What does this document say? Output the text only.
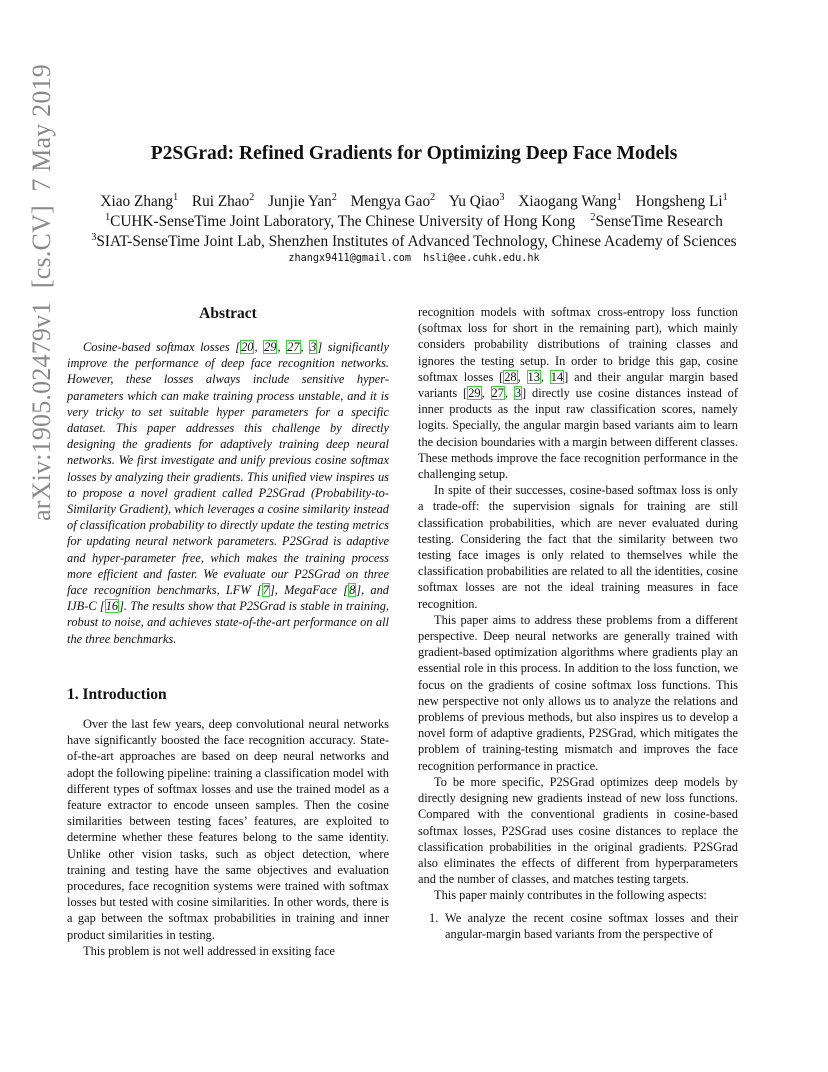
P2SGrad: Refined Gradients for Optimizing Deep Face Models
Xiao Zhang$^1$ Rui Zhao$^2$ Junjie Yan$^2$ Mengya Gao$^2$ Yu Qiao$^3$ Xiaogang Wang$^1$ Hongsheng Li$^1$
$^1$CUHK-SenseTime Joint Laboratory, The Chinese University of Hong Kong $^2$SenseTime Research
$^3$SIAT-SenseTime Joint Lab, Shenzhen Institutes of Advanced Technology, Chinese Academy of Sciences
zhangx9411@gmail.com hsli@ee.cuhk.edu.hk
arXiv:1905.02479v1  [cs.CV]  7 May 2019	Abstract

Cosine-based softmax losses [20, 29, 27, 3] significantly improve the performance of deep face recognition networks. However, these losses always include sensitive hyper-parameters which can make training process unstable, and it is very tricky to set suitable hyper parameters for a specific dataset. This paper addresses this challenge by directly designing the gradients for adaptively training deep neural networks. We first investigate and unify previous cosine softmax losses by analyzing their gradients. This unified view inspires us to propose a novel gradient called P2SGrad (Probability-to-Similarity Gradient), which leverages a cosine similarity instead of classification probability to directly update the testing metrics for updating neural network parameters. P2SGrad is adaptive and hyper-parameter free, which makes the training process more efficient and faster. We evaluate our P2SGrad on three face recognition benchmarks, LFW [7], MegaFace [8], and IJB-C [16]. The results show that P2SGrad is stable in training, robust to noise, and achieves state-of-the-art performance on all the three benchmarks.

1. Introduction

Over the last few years, deep convolutional neural networks have significantly boosted the face recognition accuracy. State-of-the-art approaches are based on deep neural networks and adopt the following pipeline: training a classification model with different types of softmax losses and use the trained model as a feature extractor to encode unseen samples. Then the cosine similarities between testing faces’ features, are exploited to determine whether these features belong to the same identity. Unlike other vision tasks, such as object detection, where training and testing have the same objectives and evaluation procedures, face recognition systems were trained with softmax losses but tested with cosine similarities. In other words, there is a gap between the softmax probabilities in training and inner product similarities in testing.

This problem is not well addressed in exsiting face

recognition models with softmax cross-entropy loss function (softmax loss for short in the remaining part), which mainly considers probability distributions of training classes and ignores the testing setup. In order to bridge this gap, cosine softmax losses [28, 13, 14] and their angular margin based variants [29, 27, 3] directly use cosine distances instead of inner products as the input raw classification scores, namely logits. Specially, the angular margin based variants aim to learn the decision boundaries with a margin between different classes. These methods improve the face recognition performance in the challenging setup.

In spite of their successes, cosine-based softmax loss is only a trade-off: the supervision signals for training are still classification probabilities, which are never evaluated during testing. Considering the fact that the similarity between two testing face images is only related to themselves while the classification probabilities are related to all the identities, cosine softmax losses are not the ideal training measures in face recognition.

This paper aims to address these problems from a different perspective. Deep neural networks are generally trained with gradient-based optimization algorithms where gradients play an essential role in this process. In addition to the loss function, we focus on the gradients of cosine softmax loss functions. This new perspective not only allows us to analyze the relations and problems of previous methods, but also inspires us to develop a novel form of adaptive gradients, P2SGrad, which mitigates the problem of training-testing mismatch and improves the face recognition performance in practice.

To be more specific, P2SGrad optimizes deep models by directly designing new gradients instead of new loss functions. Compared with the conventional gradients in cosine-based softmax losses, P2SGrad uses cosine distances to replace the classification probabilities in the original gradients. P2SGrad also eliminates the effects of different from hyperparameters and the number of classes, and matches testing targets.

This paper mainly contributes in the following aspects:

1. We analyze the recent cosine softmax losses and their angular-margin based variants from the perspective of
